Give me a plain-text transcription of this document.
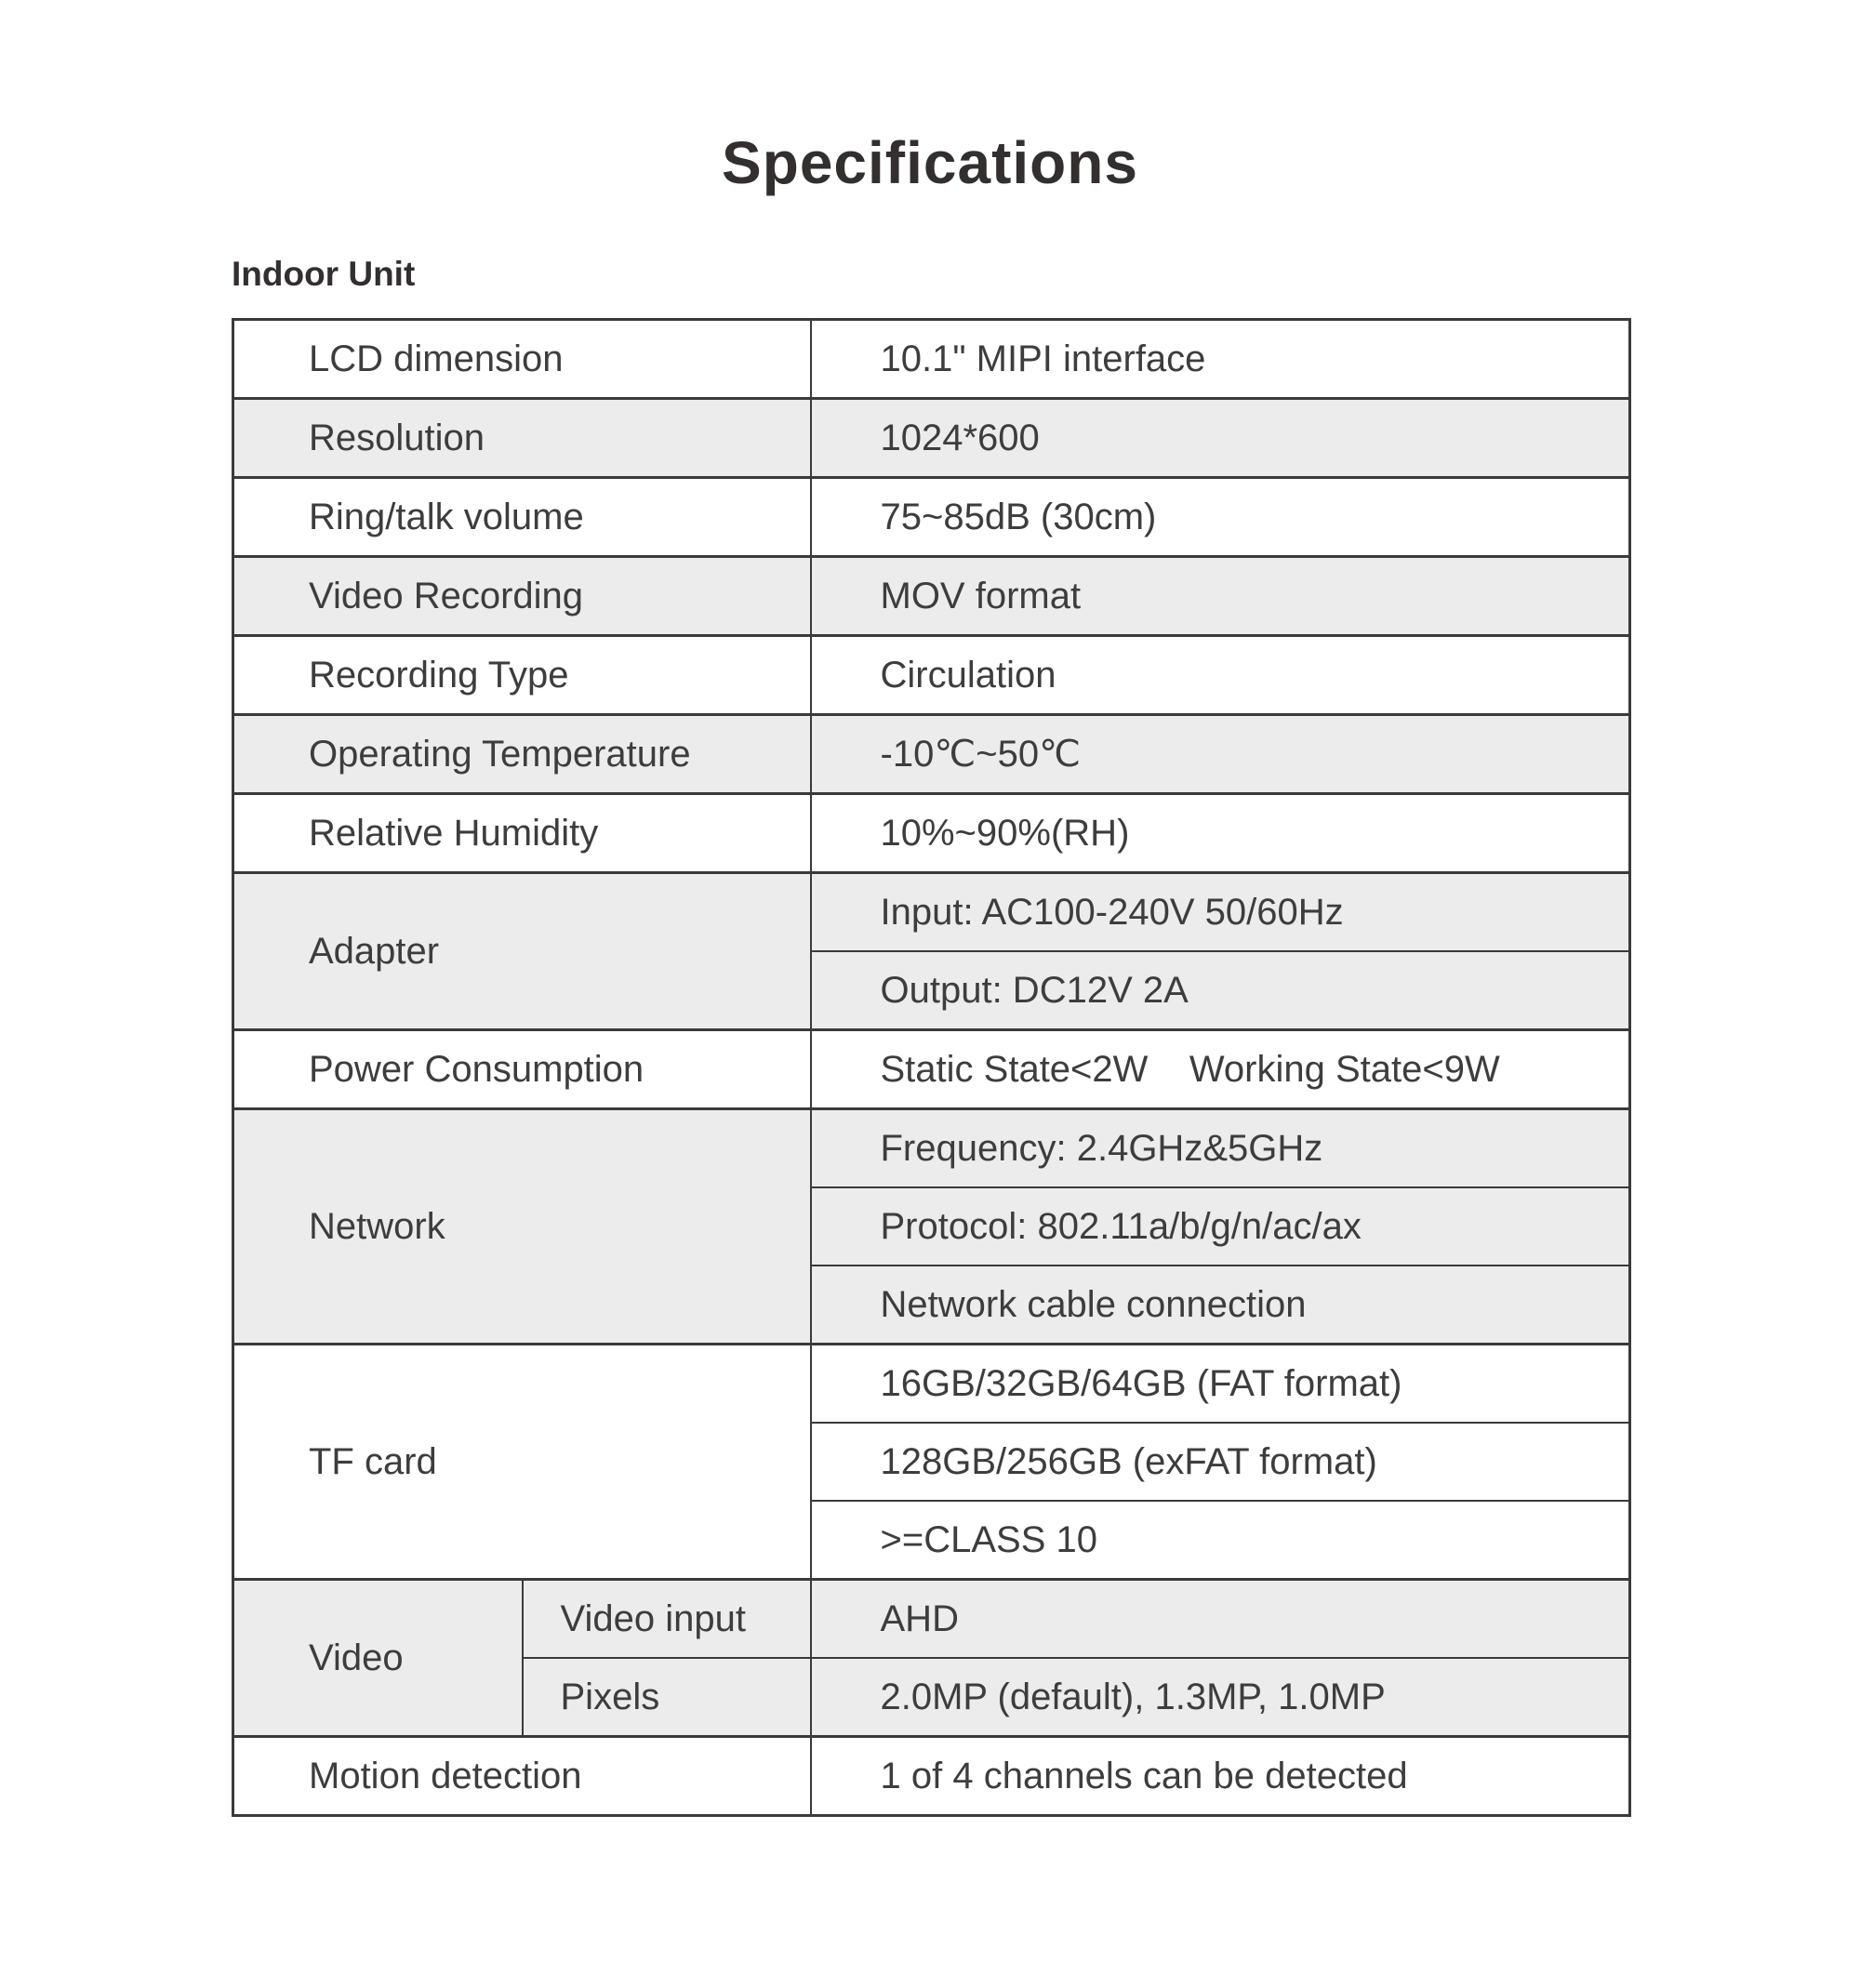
Specifications
Indoor Unit
LCD dimension		10.1" MIPI interface
Resolution		1024*600
Ring/talk volume		75~85dB (30cm)
Video Recording		MOV format
Recording Type		Circulation
Operating Temperature		-10℃~50℃
Relative Humidity		10%~90%(RH)
Adapter		Input: AC100-240V 50/60Hz
		Output: DC12V 2A
Power Consumption		Static State<2W    Working State<9W
Network		Frequency: 2.4GHz&5GHz
		Protocol: 802.11a/b/g/n/ac/ax
		Network cable connection
TF card		16GB/32GB/64GB (FAT format)
		128GB/256GB (exFAT format)
		>=CLASS 10
Video	Video input	AHD
	Pixels	2.0MP (default), 1.3MP, 1.0MP
Motion detection		1 of 4 channels can be detected
